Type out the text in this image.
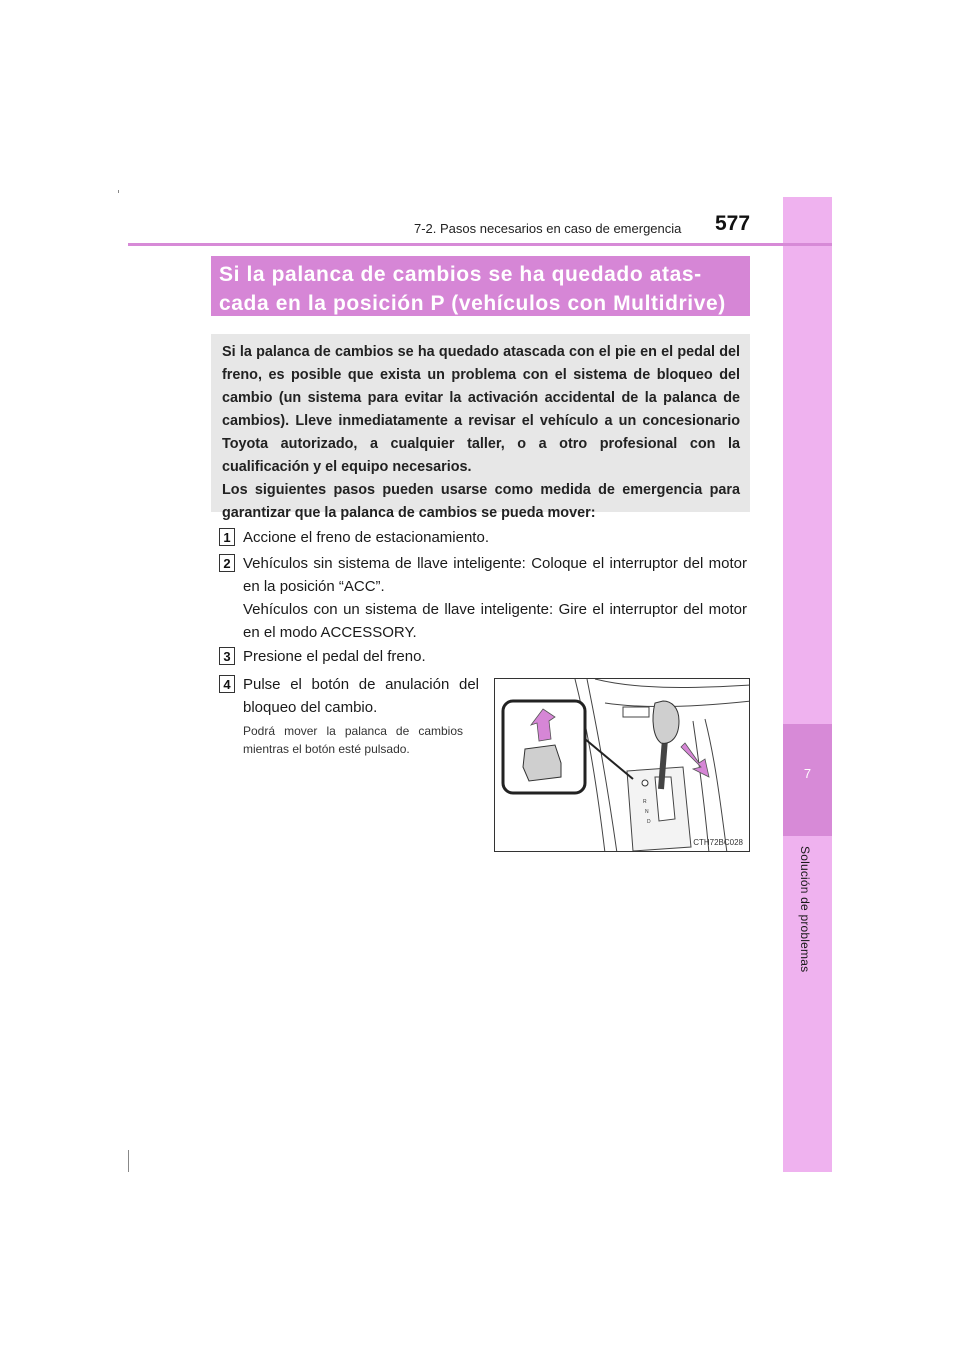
7
Solución de problemas
7-2. Pasos necesarios en caso de emergencia 577
Si la palanca de cambios se ha quedado atas-
cada en la posición P (vehículos con Multidrive)

Si la palanca de cambios se ha quedado atascada con el pie en el pedal del freno, es posible que exista un problema con el sistema de bloqueo del cambio (un sistema para evitar la activación accidental de la palanca de cambios). Lleve inmediatamente a revisar el vehículo a un concesionario Toyota autorizado, a cualquier taller, o a otro profesional con la cualificación y el equipo necesarios.

Los siguientes pasos pueden usarse como medida de emergencia para garantizar que la palanca de cambios se pueda mover:

1 Accione el freno de estacionamiento.
2 Vehículos sin sistema de llave inteligente: Coloque el interruptor del motor en la posición “ACC”.
Vehículos con un sistema de llave inteligente: Gire el interruptor del motor en el modo ACCESSORY.
3 Presione el pedal del freno.
4 Pulse el botón de anulación del bloqueo del cambio.
Podrá mover la palanca de cambios mientras el botón esté pulsado.
R
N
D
CTH72BC028
